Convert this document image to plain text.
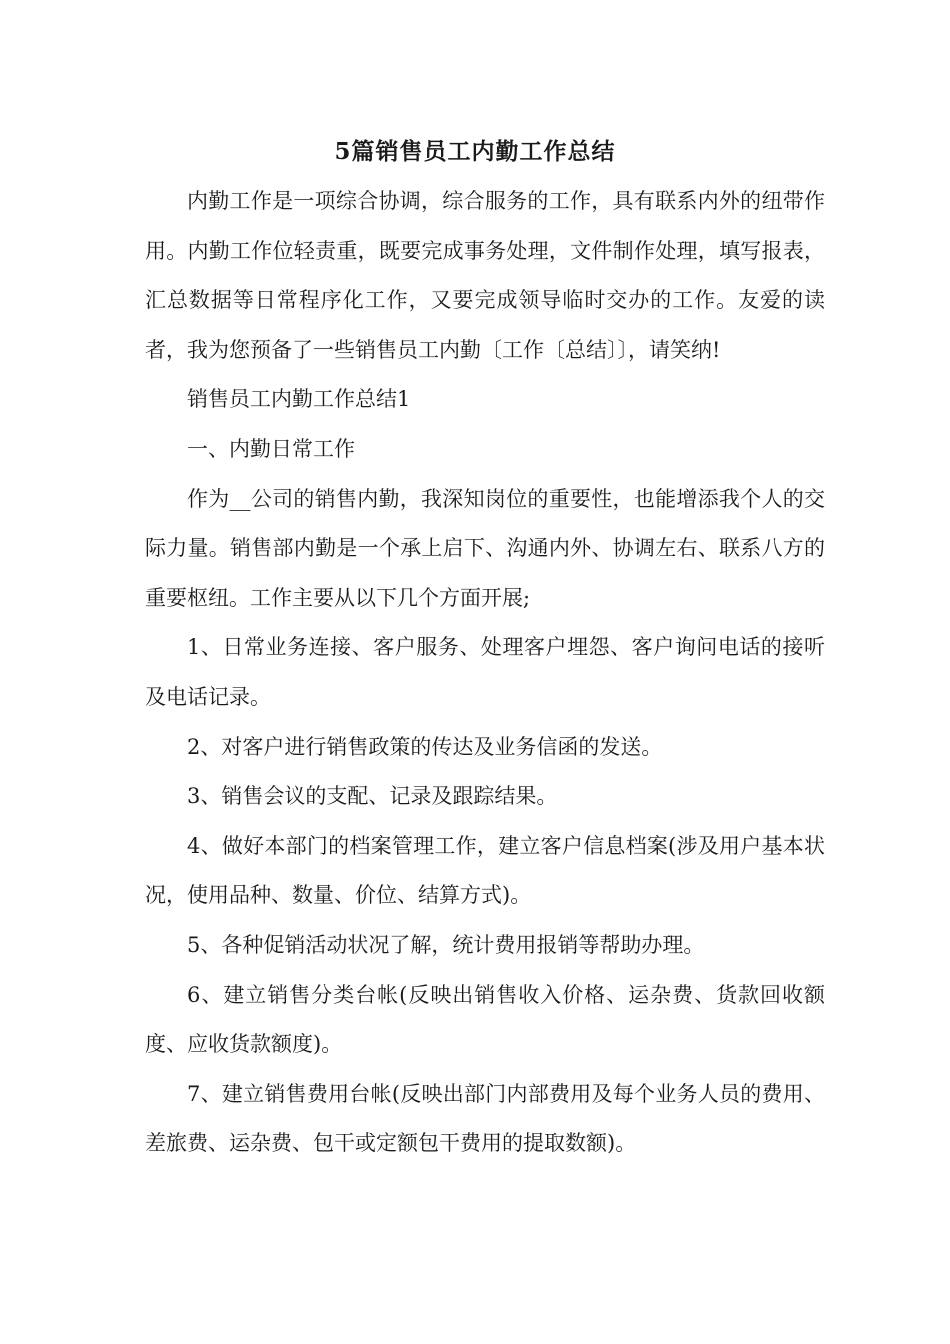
5篇销售员工内勤工作总结

内勤工作是一项综合协调，综合服务的工作，具有联系内外的纽带作用。内勤工作位轻责重，既要完成事务处理，文件制作处理，填写报表，汇总数据等日常程序化工作，又要完成领导临时交办的工作。友爱的读者，我为您预备了一些销售员工内勤〔工作〔总结〕〕，请笑纳!

销售员工内勤工作总结1

一、内勤日常工作

作为__公司的销售内勤，我深知岗位的重要性，也能增添我个人的交际力量。销售部内勤是一个承上启下、沟通内外、协调左右、联系八方的重要枢纽。工作主要从以下几个方面开展;

1、日常业务连接、客户服务、处理客户埋怨、客户询问电话的接听及电话记录。

2、对客户进行销售政策的传达及业务信函的发送。

3、销售会议的支配、记录及跟踪结果。

4、做好本部门的档案管理工作，建立客户信息档案(涉及用户基本状况，使用品种、数量、价位、结算方式)。

5、各种促销活动状况了解，统计费用报销等帮助办理。

6、建立销售分类台帐(反映出销售收入价格、运杂费、货款回收额度、应收货款额度)。

7、建立销售费用台帐(反映出部门内部费用及每个业务人员的费用、差旅费、运杂费、包干或定额包干费用的提取数额)。
